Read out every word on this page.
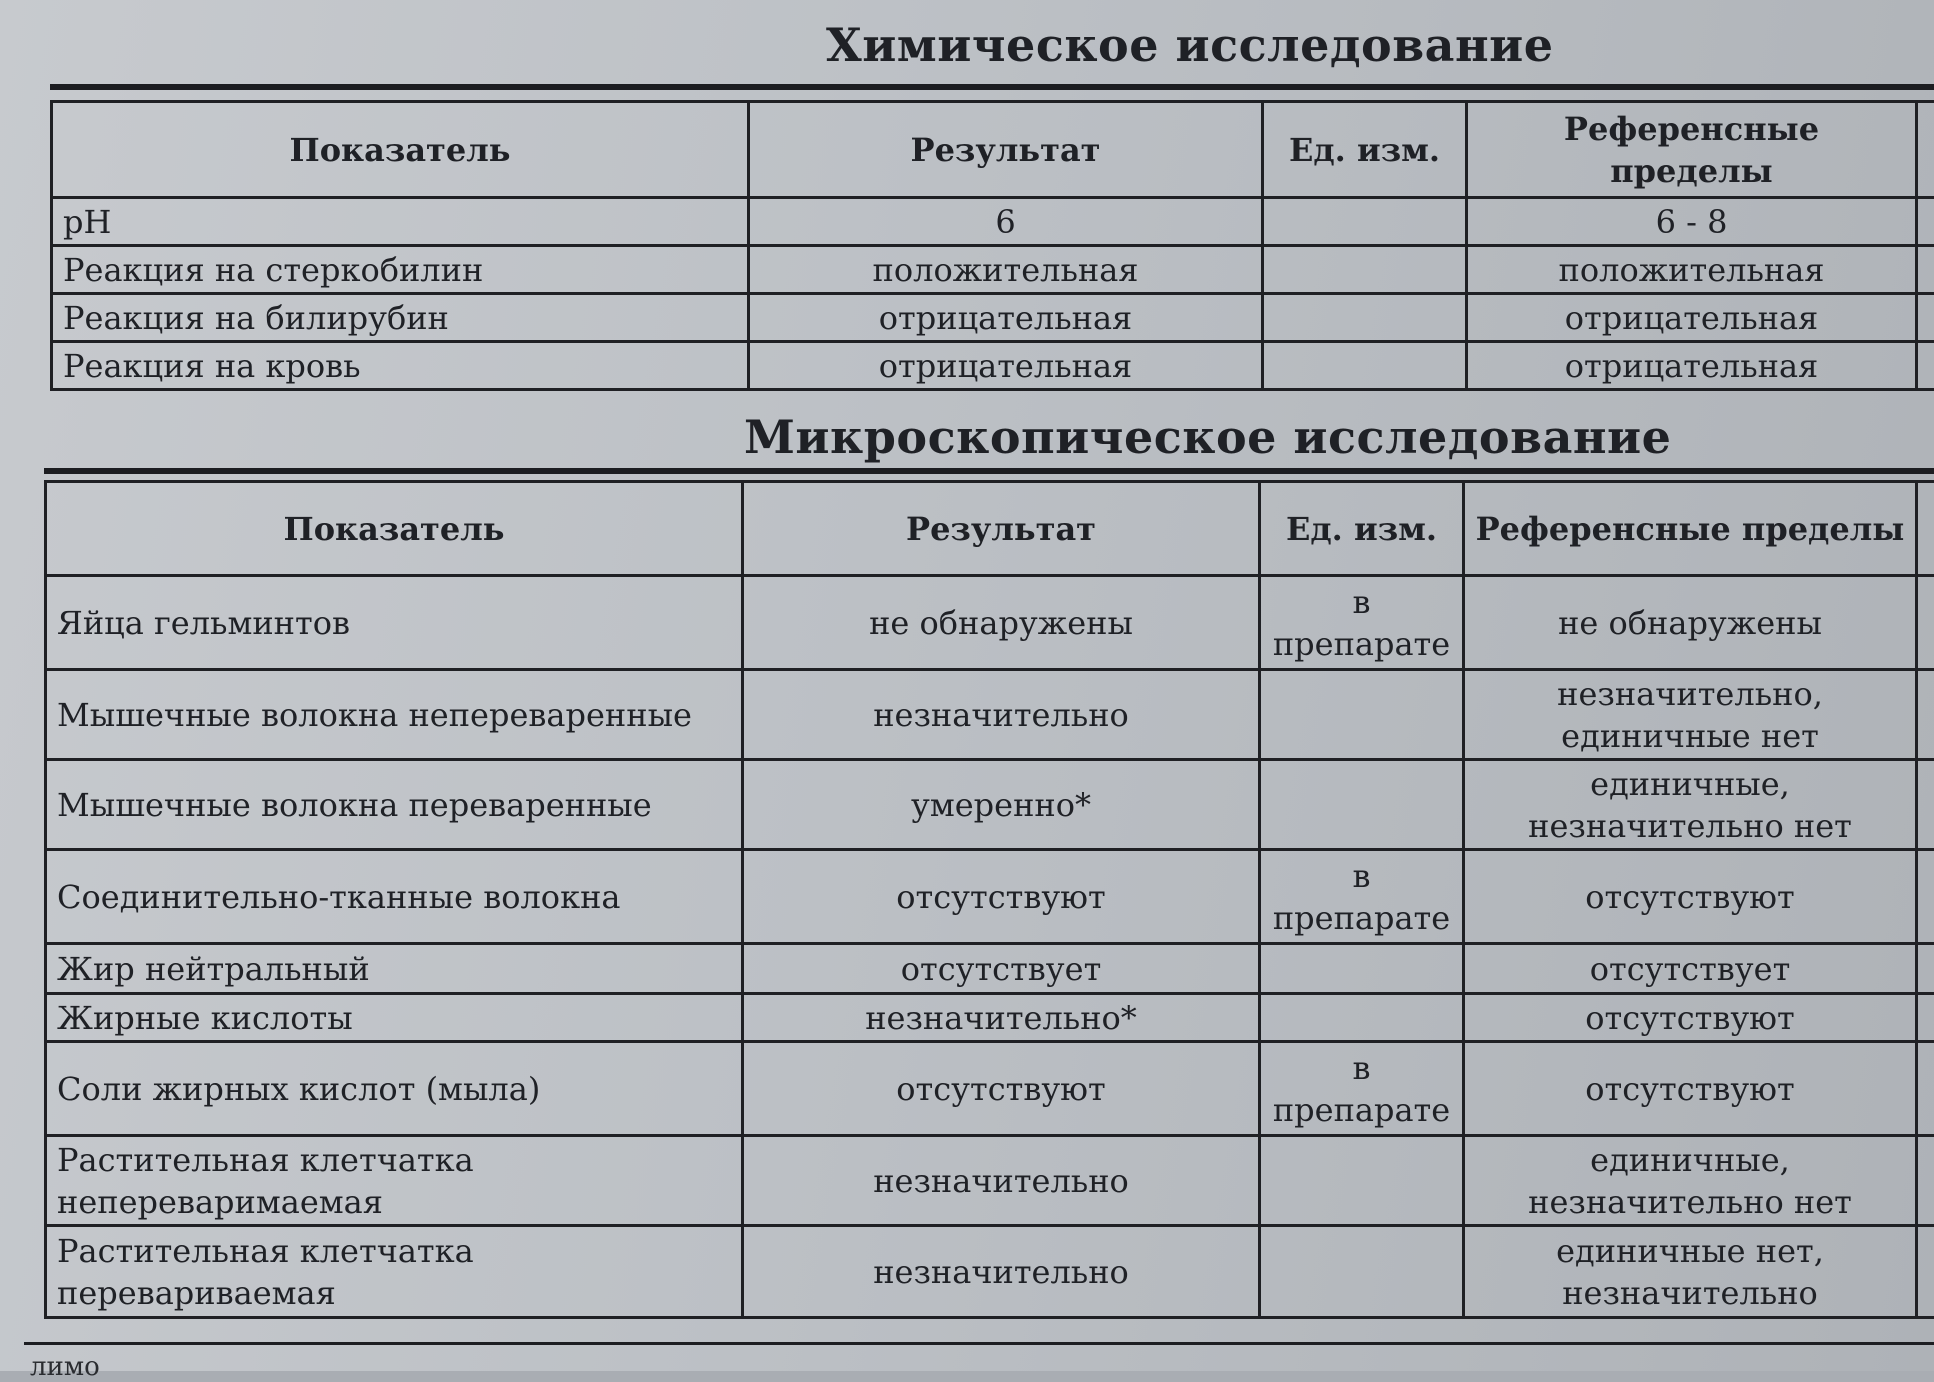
Химическое исследование
Показатель	Результат	Ед. изм.	Референсные пределы	
pH	6		6 - 8	
Реакция на стеркобилин	положительная		положительная	
Реакция на билирубин	отрицательная		отрицательная	
Реакция на кровь	отрицательная		отрицательная	
Микроскопическое исследование
Показатель	Результат	Ед. изм.	Референсные пределы	
Яйца гельминтов	не обнаружены	в препарате	не обнаружены	
Мышечные волокна непереваренные	незначительно		незначительно, единичные нет	
Мышечные волокна переваренные	умеренно*		единичные, незначительно нет	
Соединительно-тканные волокна	отсутствуют	в препарате	отсутствуют	
Жир нейтральный	отсутствует		отсутствует	
Жирные кислоты	незначительно*		отсутствуют	
Соли жирных кислот (мыла)	отсутствуют	в препарате	отсутствуют	
Растительная клетчатка непереваримаемая	незначительно		единичные, незначительно нет	
Растительная клетчатка перевариваемая	незначительно		единичные нет, незначительно	
лимо
